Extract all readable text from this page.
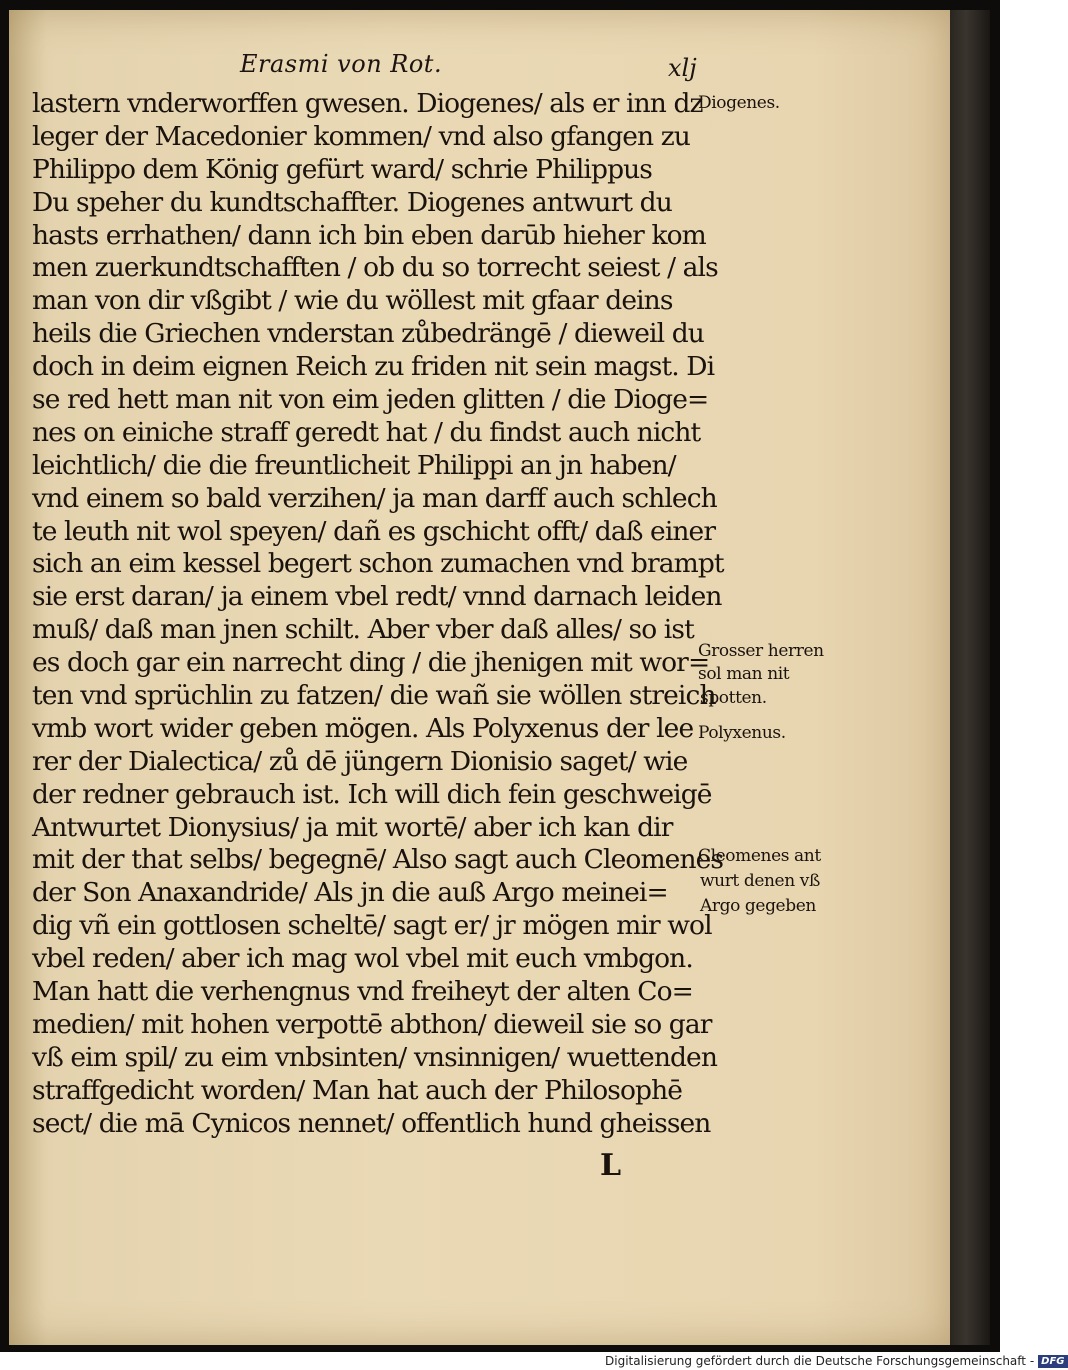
Erasmi von Rot.	xlj
lastern vnderworffen gwesen. Diogenes/ als er inn dz
leger der Macedonier kommen/ vnd also gfangen zu
Philippo dem König gefürt ward/ schrie Philippus
Du speher du kundtschaffter. Diogenes antwurt du
hasts errhathen/ dann ich bin eben darūb hieher kom
men zuerkundtschafften / ob du so torrecht seiest / als
man von dir vßgibt / wie du wöllest mit gfaar deins
heils die Griechen vnderstan zůbedrängē / dieweil du
doch in deim eignen Reich zu friden nit sein magst. Di
se red hett man nit von eim jeden glitten / die Dioge=
nes on einiche straff geredt hat / du findst auch nicht
leichtlich/ die die freuntlicheit Philippi an jn haben/
vnd einem so bald verzihen/ ja man darff auch schlech
te leuth nit wol speyen/ dañ es gschicht offt/ daß einer
sich an eim kessel begert schon zumachen vnd brampt
sie erst daran/ ja einem vbel redt/ vnnd darnach leiden
muß/ daß man jnen schilt. Aber vber daß alles/ so ist
es doch gar ein narrecht ding / die jhenigen mit wor=
ten vnd sprüchlin zu fatzen/ die wañ sie wöllen streich
vmb wort wider geben mögen. Als Polyxenus der lee
rer der Dialectica/ zů dē jüngern Dionisio saget/ wie
der redner gebrauch ist. Ich will dich fein geschweigē
Antwurtet Dionysius/ ja mit wortē/ aber ich kan dir
mit der that selbs/ begegnē/ Also sagt auch Cleomenes
der Son Anaxandride/ Als jn die auß Argo meinei=
dig vñ ein gottlosen scheltē/ sagt er/ jr mögen mir wol
vbel reden/ aber ich mag wol vbel mit euch vmbgon.
Man hatt die verhengnus vnd freiheyt der alten Co=
medien/ mit hohen verpottē abthon/ dieweil sie so gar
vß eim spil/ zu eim vnbsinten/ vnsinnigen/ wuettenden
straffgedicht worden/ Man hat auch der Philosophē
sect/ die mā Cynicos nennet/ offentlich hund gheissen
L
Diogenes.
Grosser herren
sol man nit
spotten.
Polyxenus.
Cleomenes ant
wurt denen vß
Argo gegeben
Digitalisierung gefördert durch die Deutsche Forschungsgemeinschaft - DFG
